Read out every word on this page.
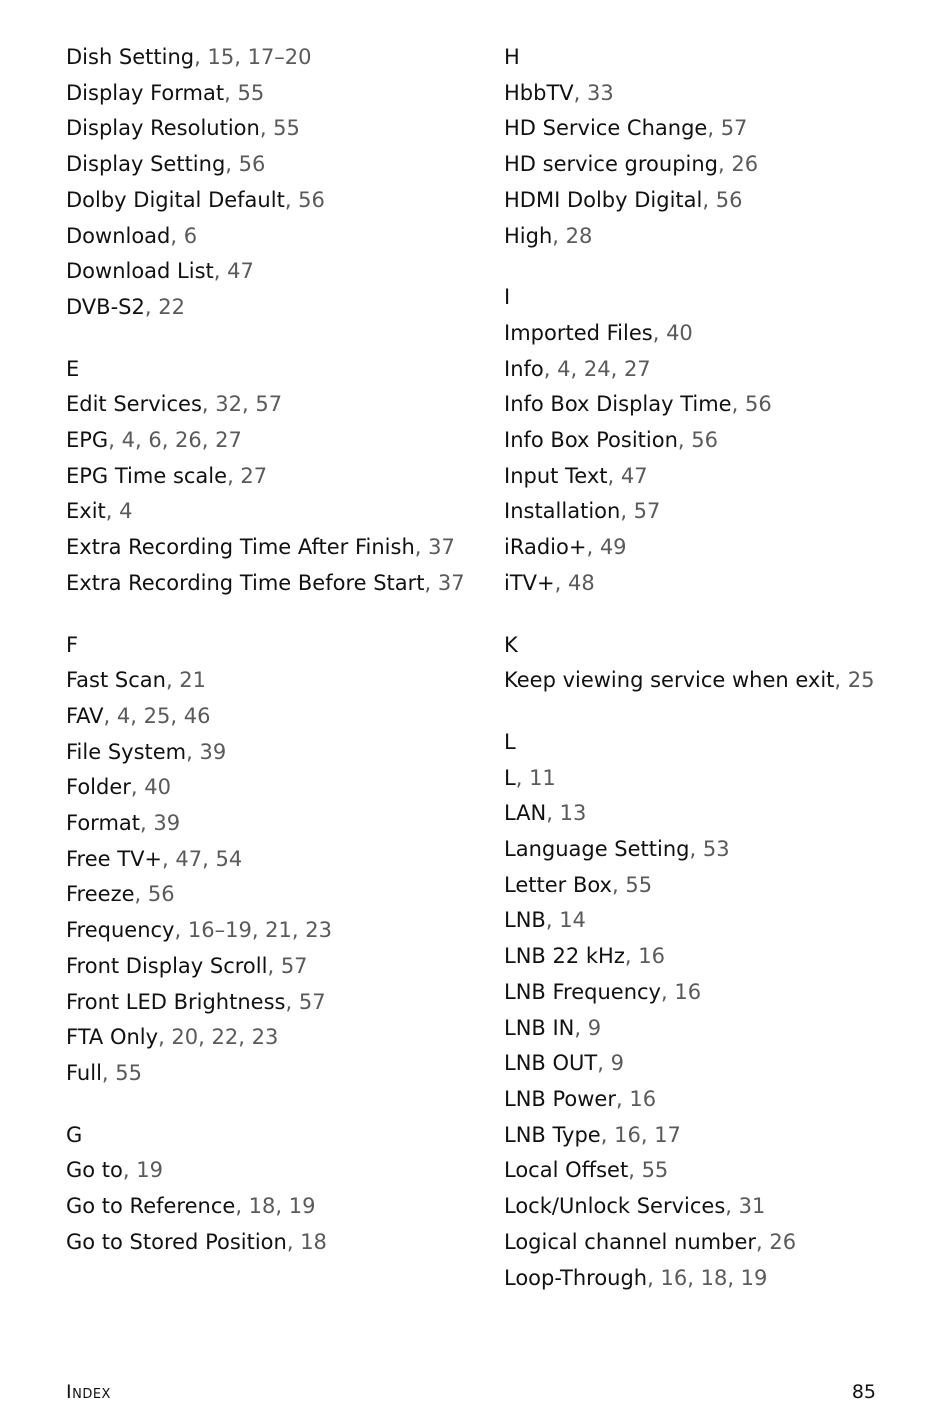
Dish Setting, 15, 17–20
Display Format, 55
Display Resolution, 55
Display Setting, 56
Dolby Digital Default, 56
Download, 6
Download List, 47
DVB-S2, 22
E
Edit Services, 32, 57
EPG, 4, 6, 26, 27
EPG Time scale, 27
Exit, 4
Extra Recording Time After Finish, 37
Extra Recording Time Before Start, 37
F
Fast Scan, 21
FAV, 4, 25, 46
File System, 39
Folder, 40
Format, 39
Free TV+, 47, 54
Freeze, 56
Frequency, 16–19, 21, 23
Front Display Scroll, 57
Front LED Brightness, 57
FTA Only, 20, 22, 23
Full, 55
G
Go to, 19
Go to Reference, 18, 19
Go to Stored Position, 18
H
HbbTV, 33
HD Service Change, 57
HD service grouping, 26
HDMI Dolby Digital, 56
High, 28
I
Imported Files, 40
Info, 4, 24, 27
Info Box Display Time, 56
Info Box Position, 56
Input Text, 47
Installation, 57
iRadio+, 49
iTV+, 48
K
Keep viewing service when exit, 25
L
L, 11
LAN, 13
Language Setting, 53
Letter Box, 55
LNB, 14
LNB 22 kHz, 16
LNB Frequency, 16
LNB IN, 9
LNB OUT, 9
LNB Power, 16
LNB Type, 16, 17
Local Offset, 55
Lock/Unlock Services, 31
Logical channel number, 26
Loop-Through, 16, 18, 19
Index	85
